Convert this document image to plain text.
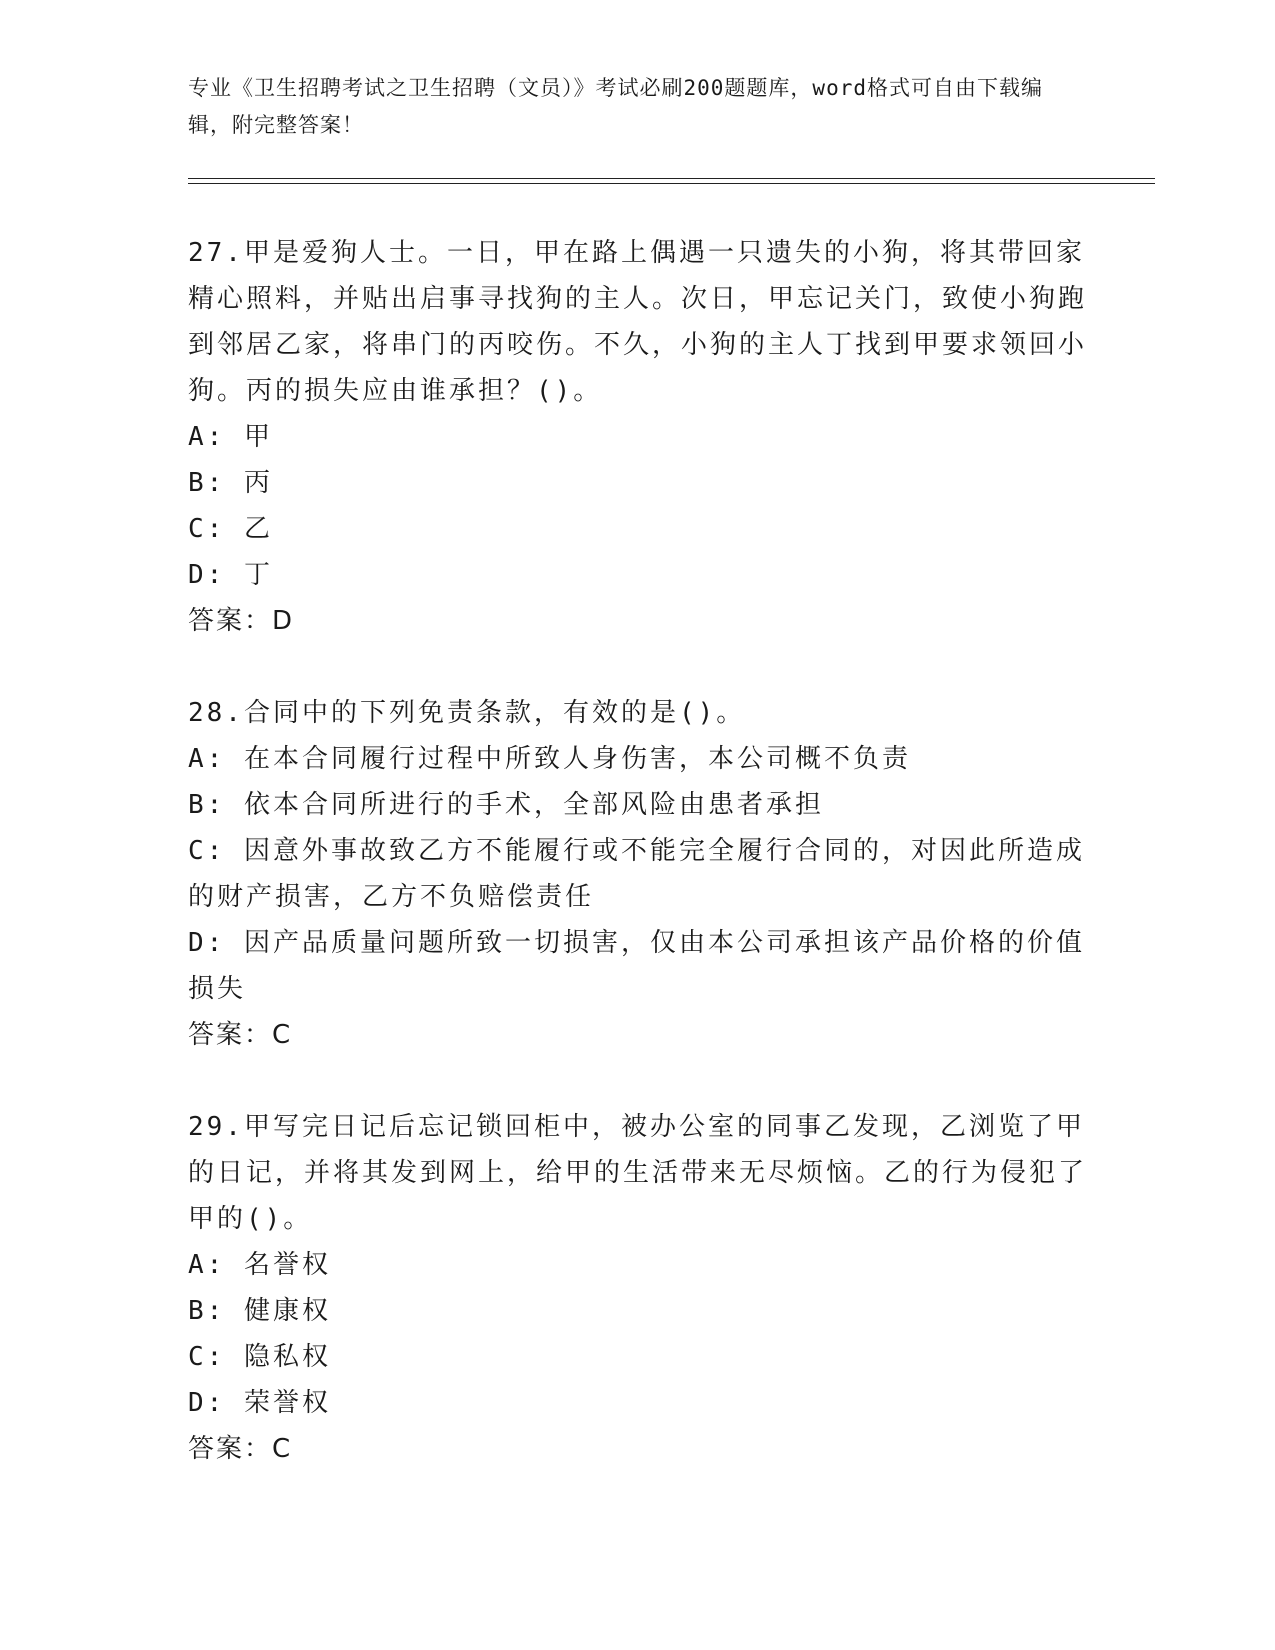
专业《卫生招聘考试之卫生招聘（文员）》考试必刷200题题库，word格式可自由下载编辑，附完整答案！

27.甲是爱狗人士。一日，甲在路上偶遇一只遗失的小狗，将其带回家精心照料，并贴出启事寻找狗的主人。次日，甲忘记关门，致使小狗跑到邻居乙家，将串门的丙咬伤。不久，小狗的主人丁找到甲要求领回小狗。丙的损失应由谁承担？()。

A: 甲

B: 丙

C: 乙

D: 丁

答案：D

28.合同中的下列免责条款，有效的是()。

A: 在本合同履行过程中所致人身伤害，本公司概不负责

B: 依本合同所进行的手术，全部风险由患者承担

C: 因意外事故致乙方不能履行或不能完全履行合同的，对因此所造成的财产损害，乙方不负赔偿责任

D: 因产品质量问题所致一切损害，仅由本公司承担该产品价格的价值损失

答案：C

29.甲写完日记后忘记锁回柜中，被办公室的同事乙发现，乙浏览了甲的日记，并将其发到网上，给甲的生活带来无尽烦恼。乙的行为侵犯了甲的()。

A: 名誉权

B: 健康权

C: 隐私权

D: 荣誉权

答案：C
